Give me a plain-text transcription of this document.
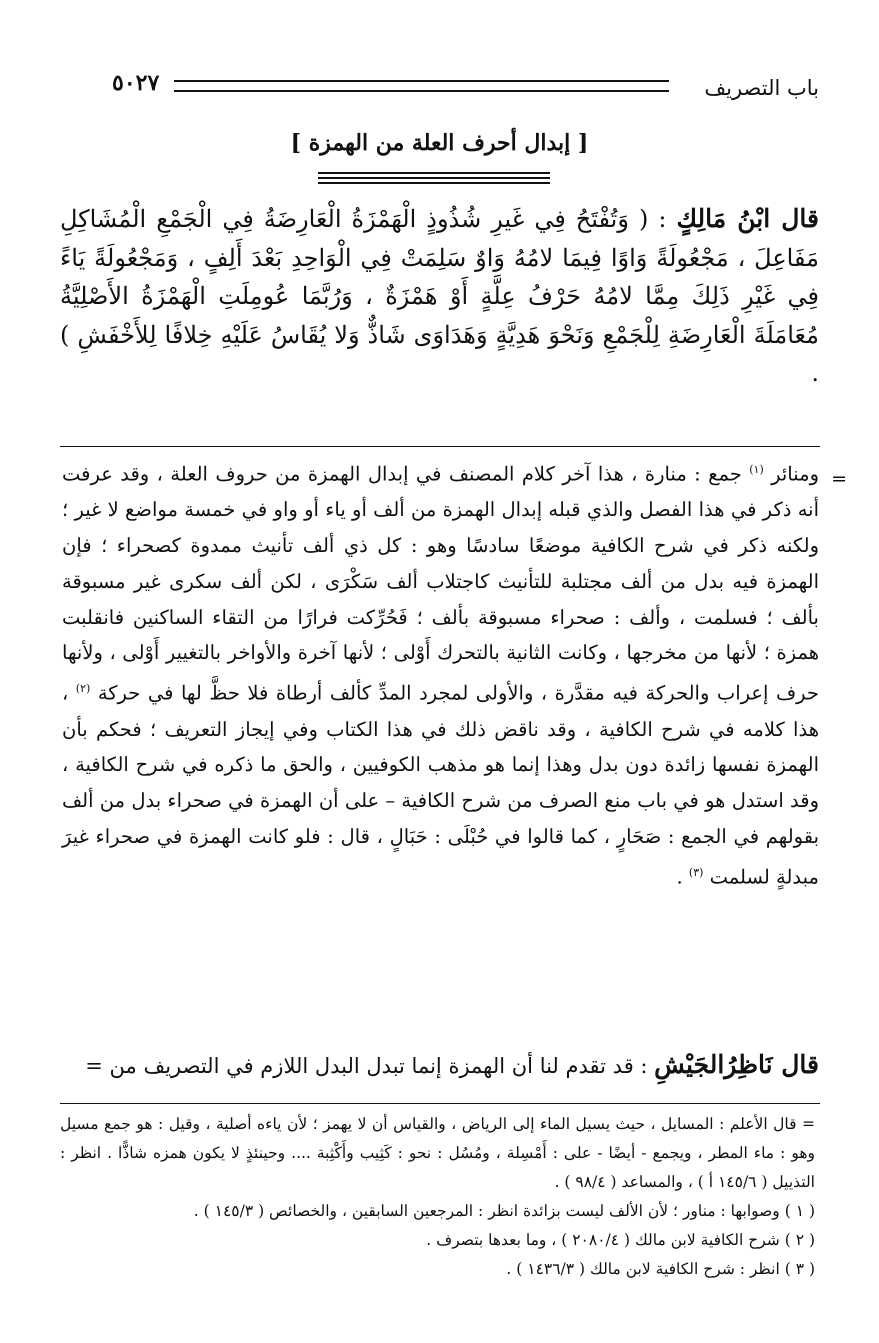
باب التصريف
٥٠٢٧
[ إبدال أحرف العلة من الهمزة ]
قال ابْنُ مَالِكٍ : ( وَتُفْتَحُ فِي غَيرِ شُذُوذٍ الْهَمْزَةُ الْعَارِضَةُ فِي الْجَمْعِ الْمُشَاكِلِ مَفَاعِلَ ، مَجْعُولَةً وَاوًا فِيمَا لامُهُ وَاوٌ سَلِمَتْ فِي الْوَاحِدِ بَعْدَ أَلِفٍ ، وَمَجْعُولَةً يَاءً فِي غَيْرِ ذَلِكَ مِمَّا لامُهُ حَرْفُ عِلَّةٍ أَوْ هَمْزَةٌ ، وَرُبَّمَا عُومِلَتِ الْهَمْزَةُ الأَصْلِيَّةُ مُعَامَلَةَ الْعَارِضَةِ لِلْجَمْعِ وَنَحْوَ هَدِيَّةٍ وَهَدَاوَى شَاذٌّ وَلا يُقَاسُ عَلَيْهِ خِلافًا لِلأَخْفَشِ ) .
=
ومنائر $^{(١)}$ جمع : منارة ، هذا آخر كلام المصنف في إبدال الهمزة من حروف العلة ، وقد عرفت أنه ذكر في هذا الفصل والذي قبله إبدال الهمزة من ألف أو ياء أو واو في خمسة مواضع لا غير ؛ ولكنه ذكر في شرح الكافية موضعًا سادسًا وهو : كل ذي ألف تأنيث ممدوة كصحراء ؛ فإن الهمزة فيه بدل من ألف مجتلبة للتأنيث كاجتلاب ألف سَكْرَى ، لكن ألف سكرى غير مسبوقة بألف ؛ فسلمت ، وألف : صحراء مسبوقة بألف ؛ فَحُرِّكت فرارًا من التقاء الساكنين فانقلبت همزة ؛ لأنها من مخرجها ، وكانت الثانية بالتحرك أَوْلى ؛ لأنها آخرة والأواخر بالتغيير أَوْلى ، ولأنها حرف إعراب والحركة فيه مقدَّرة ، والأولى لمجرد المدِّ كألف أرطاة فلا حظَّ لها في حركة $^{(٢)}$ ، هذا كلامه في شرح الكافية ، وقد ناقض ذلك في هذا الكتاب وفي إيجاز التعريف ؛ فحكم بأن الهمزة نفسها زائدة دون بدل وهذا إنما هو مذهب الكوفيين ، والحق ما ذكره في شرح الكافية ، وقد استدل هو في باب منع الصرف من شرح الكافية – على أن الهمزة في صحراء بدل من ألف بقولهم في الجمع : صَحَارٍ ، كما قالوا في حُبْلَى : حَبَالٍ ، قال : فلو كانت الهمزة في صحراء غيرَ مبدلةٍ لسلمت $^{(٣)}$ .
قال نَاظِرُالجَيْشِ : قد تقدم لنا أن الهمزة إنما تبدل البدل اللازم في التصريف من =

= قال الأعلم : المسايل ، حيث يسيل الماء إلى الرياض ، والقياس أن لا يهمز ؛ لأن ياءه أصلية ، وقيل : هو جمع مسيل وهو : ماء المطر ، ويجمع - أيضًا - على : أَمْسِلة ، ومُسُل : نحو : كَثِيب وأَكْثِبة .... وحينئذٍ لا يكون همزه شاذًّا . انظر : التذييل ( ١٤٥/٦ أ ) ، والمساعد ( ٩٨/٤ ) .

( ١ ) وصوابها : مناور ؛ لأن الألف ليست بزائدة انظر : المرجعين السابقين ، والخصائص ( ١٤٥/٣ ) .

( ٢ ) شرح الكافية لابن مالك ( ٢٠٨٠/٤ ) ، وما بعدها بتصرف .

( ٣ ) انظر : شرح الكافية لابن مالك ( ١٤٣٦/٣ ) .
